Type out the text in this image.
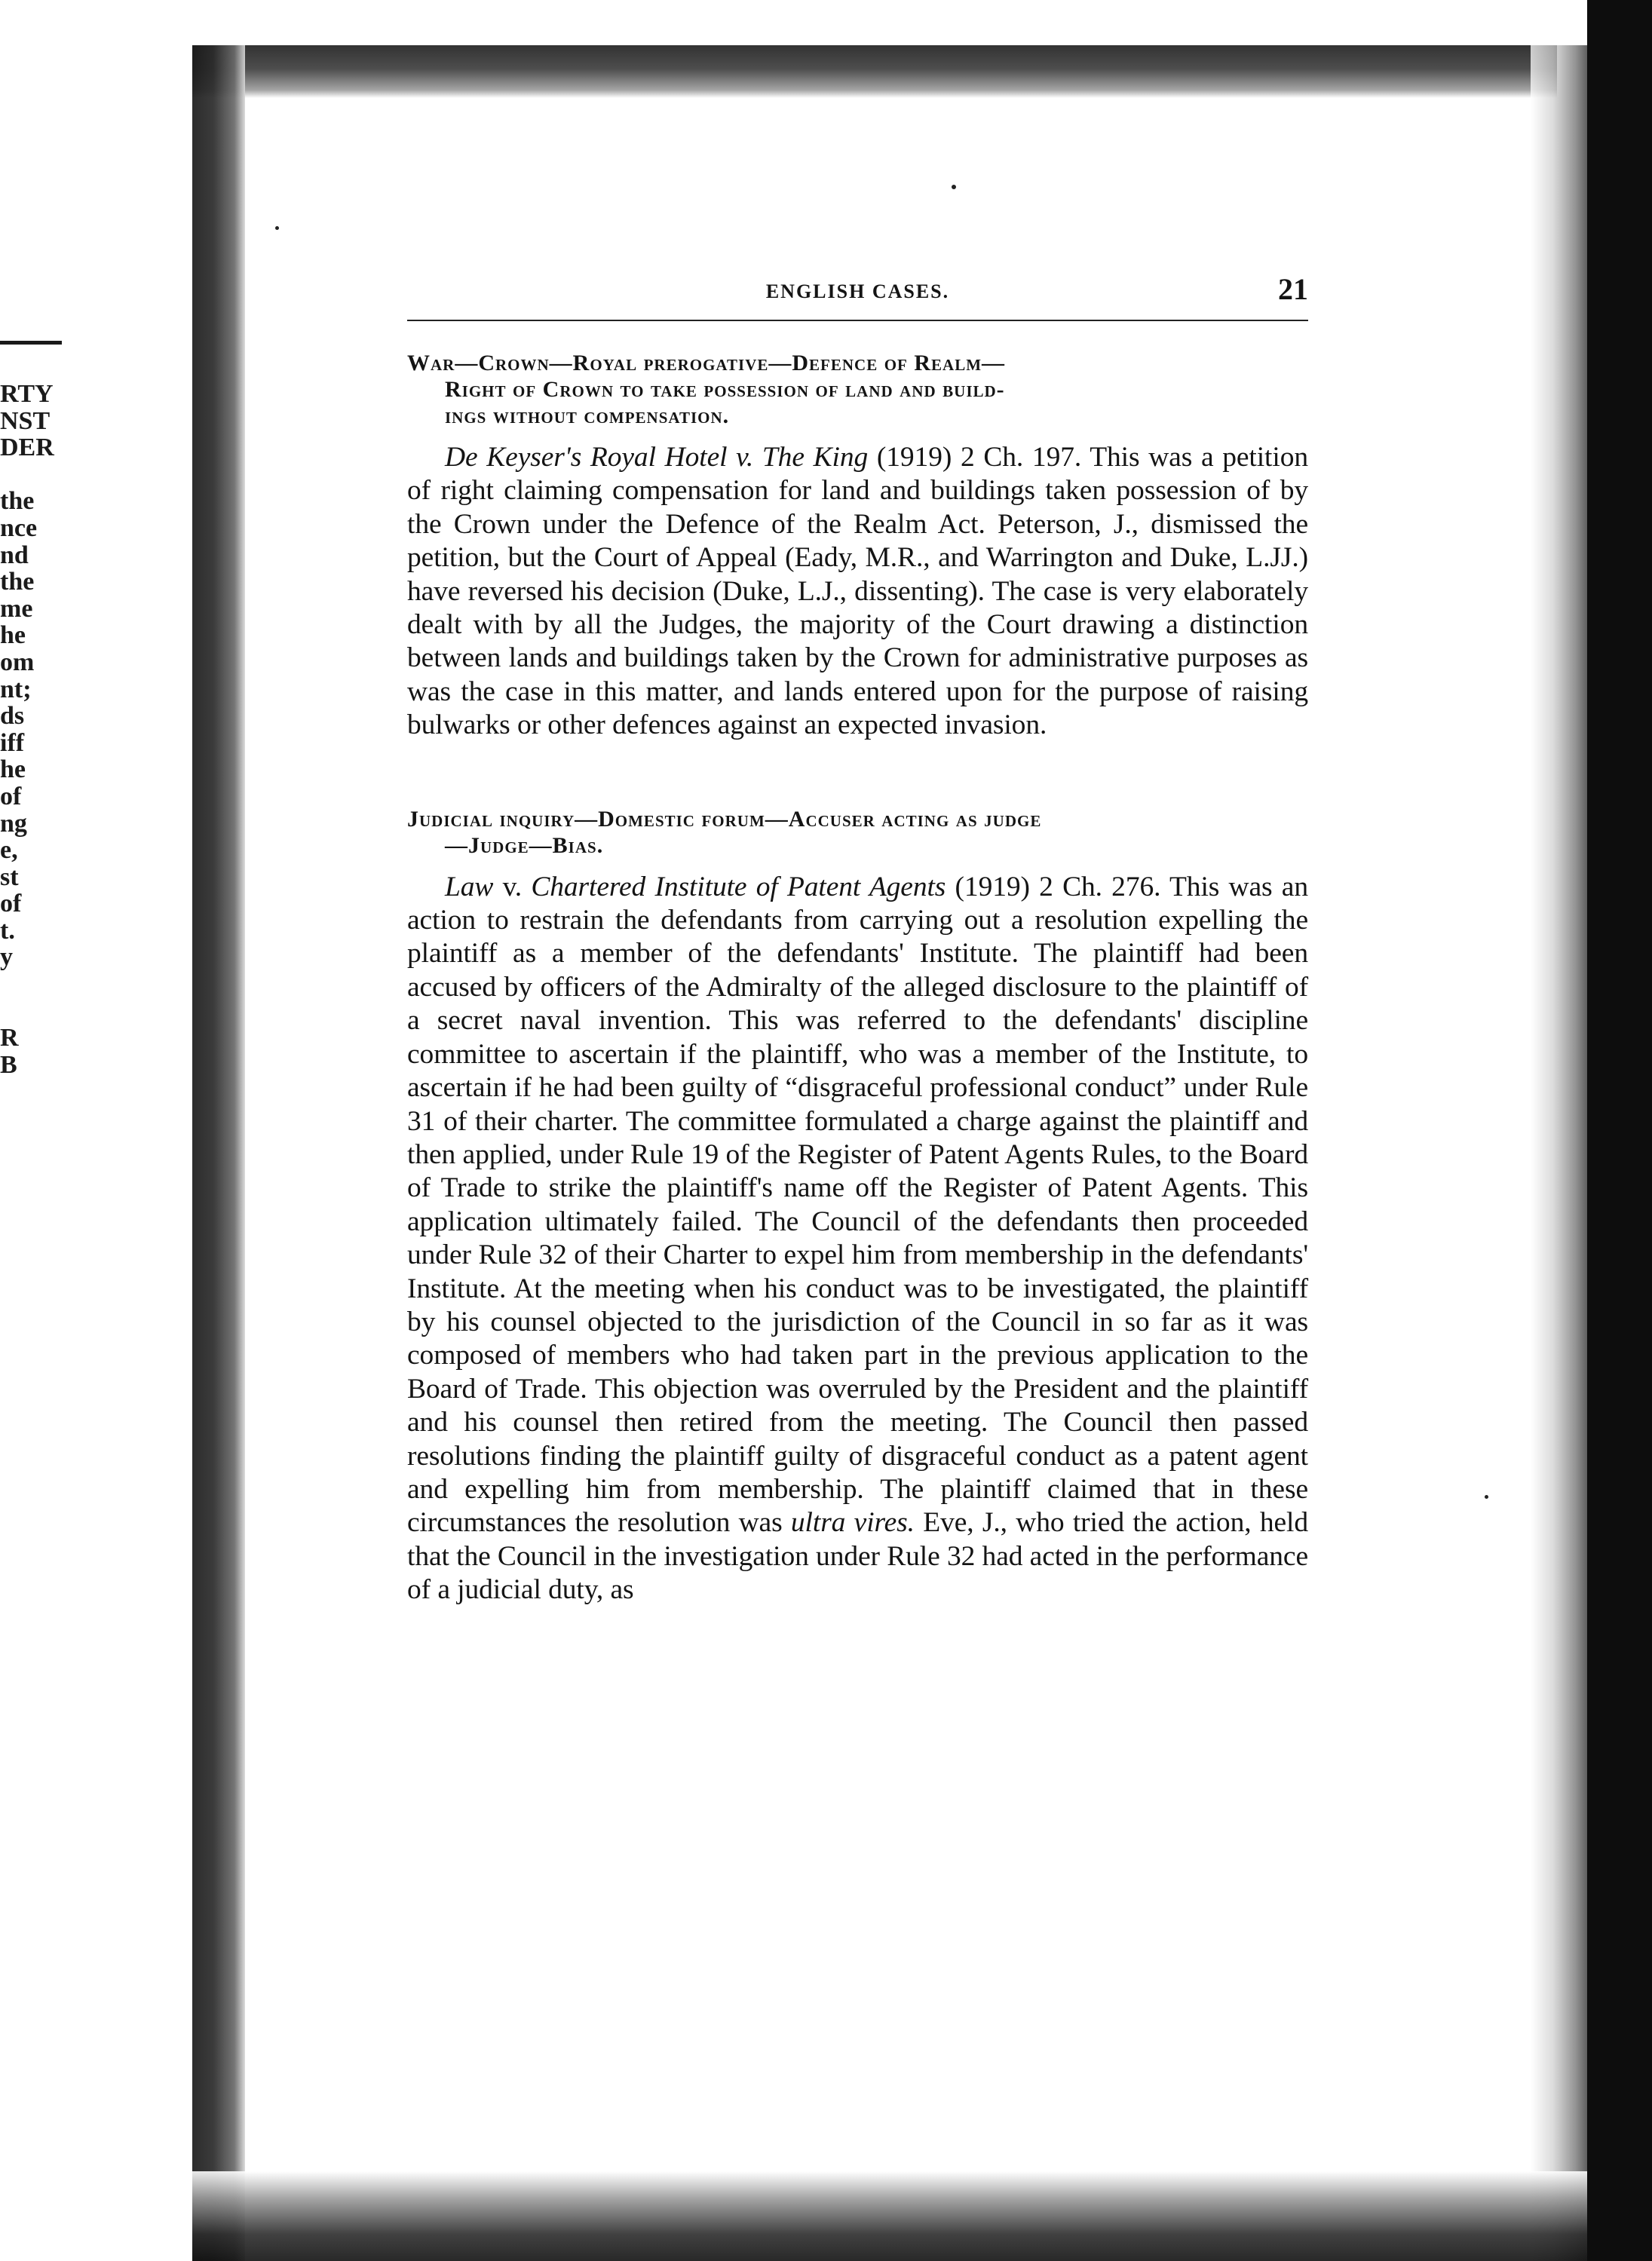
RTY
NST
DER

the
nce
nd
the
me
he
om
nt;
ds
iff
he
of
ng
e,
st
of
t.
y

R
B
ENGLISH CASES.	21
War—Crown—Royal prerogative—Defence of Realm—
Right of Crown to take possession of land and build-
ings without compensation.

De Keyser's Royal Hotel v. The King (1919) 2 Ch. 197. This was a petition of right claiming compensation for land and buildings taken possession of by the Crown under the Defence of the Realm Act. Peterson, J., dismissed the petition, but the Court of Appeal (Eady, M.R., and Warrington and Duke, L.JJ.) have reversed his decision (Duke, L.J., dissenting). The case is very elaborately dealt with by all the Judges, the majority of the Court drawing a distinction between lands and buildings taken by the Crown for administrative purposes as was the case in this matter, and lands entered upon for the purpose of raising bulwarks or other defences against an expected invasion.

Judicial inquiry—Domestic forum—Accuser acting as judge
—Judge—Bias.

Law v. Chartered Institute of Patent Agents (1919) 2 Ch. 276. This was an action to restrain the defendants from carrying out a resolution expelling the plaintiff as a member of the defendants' Institute. The plaintiff had been accused by officers of the Admiralty of the alleged disclosure to the plaintiff of a secret naval invention. This was referred to the defendants' discipline committee to ascertain if the plaintiff, who was a member of the Institute, to ascertain if he had been guilty of “disgraceful professional conduct” under Rule 31 of their charter. The committee formulated a charge against the plaintiff and then applied, under Rule 19 of the Register of Patent Agents Rules, to the Board of Trade to strike the plaintiff's name off the Register of Patent Agents. This application ultimately failed. The Council of the defendants then proceeded under Rule 32 of their Charter to expel him from membership in the defendants' Institute. At the meeting when his conduct was to be investigated, the plaintiff by his counsel objected to the jurisdiction of the Council in so far as it was composed of members who had taken part in the previous application to the Board of Trade. This objection was overruled by the President and the plaintiff and his counsel then retired from the meeting. The Council then passed resolutions finding the plaintiff guilty of disgraceful conduct as a patent agent and expelling him from membership. The plaintiff claimed that in these circumstances the resolution was ultra vires. Eve, J., who tried the action, held that the Council in the investigation under Rule 32 had acted in the performance of a judicial duty, as
